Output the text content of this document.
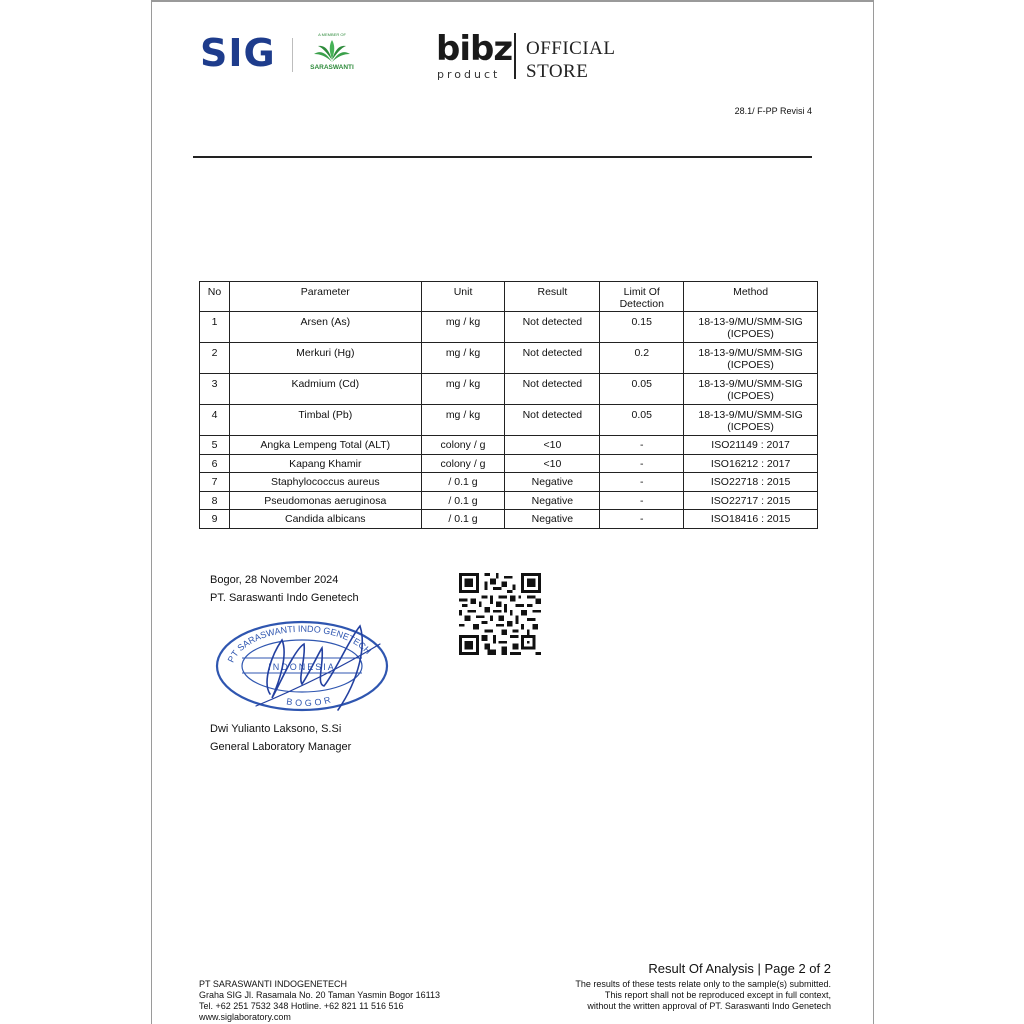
SIG	A MEMBER OF
SARASWANTI bibz
product
OFFICIAL
STORE
28.1/ F-PP Revisi 4
No	Parameter	Unit	Result	Limit Of
Detection	Method
1	Arsen (As)	mg / kg	Not detected	0.15	18-13-9/MU/SMM-SIG
(ICPOES)

2	Merkuri (Hg)	mg / kg	Not detected	0.2	18-13-9/MU/SMM-SIG
(ICPOES)

3	Kadmium (Cd)	mg / kg	Not detected	0.05	18-13-9/MU/SMM-SIG
(ICPOES)

4	Timbal (Pb)	mg / kg	Not detected	0.05	18-13-9/MU/SMM-SIG
(ICPOES)

5	Angka Lempeng Total (ALT)	colony / g	<10	-	ISO21149 : 2017
6	Kapang Khamir	colony / g	<10	-	ISO16212 : 2017
7	Staphylococcus aureus	/ 0.1 g	Negative	-	ISO22718 : 2015
8	Pseudomonas aeruginosa	/ 0.1 g	Negative	-	ISO22717 : 2015
9	Candida albicans	/ 0.1 g	Negative	-	ISO18416 : 2015
Bogor, 28 November 2024
PT. Saraswanti Indo Genetech
PT SARASWANTI INDO GENETECH
INDONESIA
BOGOR
Dwi Yulianto Laksono, S.Si
General Laboratory Manager
PT SARASWANTI INDOGENETECH
Graha SIG Jl. Rasamala No. 20 Taman Yasmin Bogor 16113
Tel. +62 251 7532 348 Hotline. +62 821 11 516 516
www.siglaboratory.com
Result Of Analysis | Page 2 of 2
The results of these tests relate only to the sample(s) submitted.
This report shall not be reproduced except in full context,
without the written approval of PT. Saraswanti Indo Genetech
